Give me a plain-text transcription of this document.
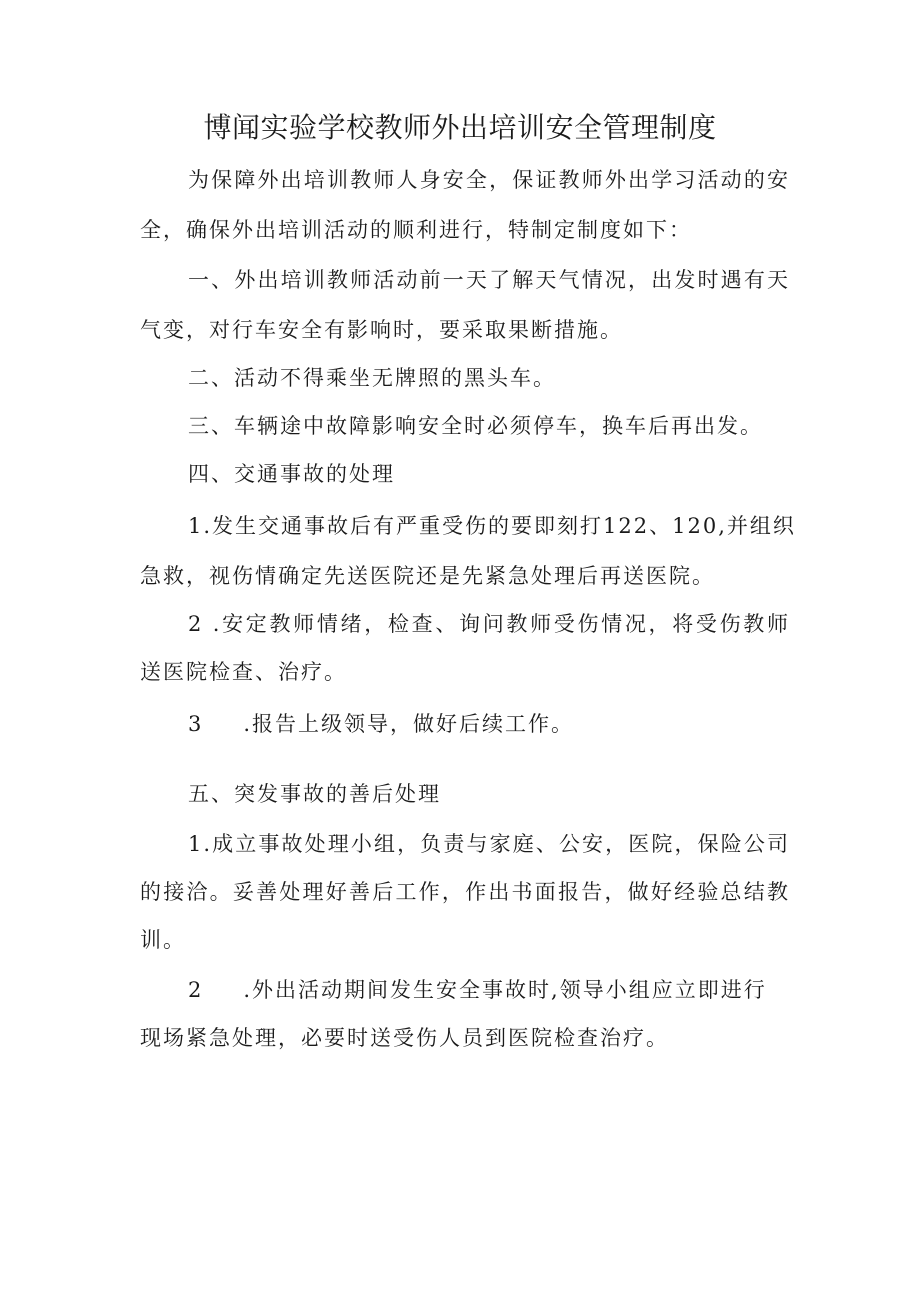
博闻实验学校教师外出培训安全管理制度
为保障外出培训教师人身安全，保证教师外出学习活动的安
全，确保外出培训活动的顺利进行，特制定制度如下：
一、外出培训教师活动前一天了解天气情况，出发时遇有天
气变，对行车安全有影响时，要采取果断措施。
二、活动不得乘坐无牌照的黑头车。
三、车辆途中故障影响安全时必须停车，换车后再出发。
四、交通事故的处理
1.发生交通事故后有严重受伤的要即刻打122、120,并组织
急救，视伤情确定先送医院还是先紧急处理后再送医院。
2 .安定教师情绪，检查、询问教师受伤情况，将受伤教师
送医院检查、治疗。
3 .报告上级领导，做好后续工作。
五、突发事故的善后处理
1.成立事故处理小组，负责与家庭、公安，医院，保险公司
的接洽。妥善处理好善后工作，作出书面报告，做好经验总结教
训。
2 .外出活动期间发生安全事故时,领导小组应立即进行
现场紧急处理，必要时送受伤人员到医院检查治疗。
